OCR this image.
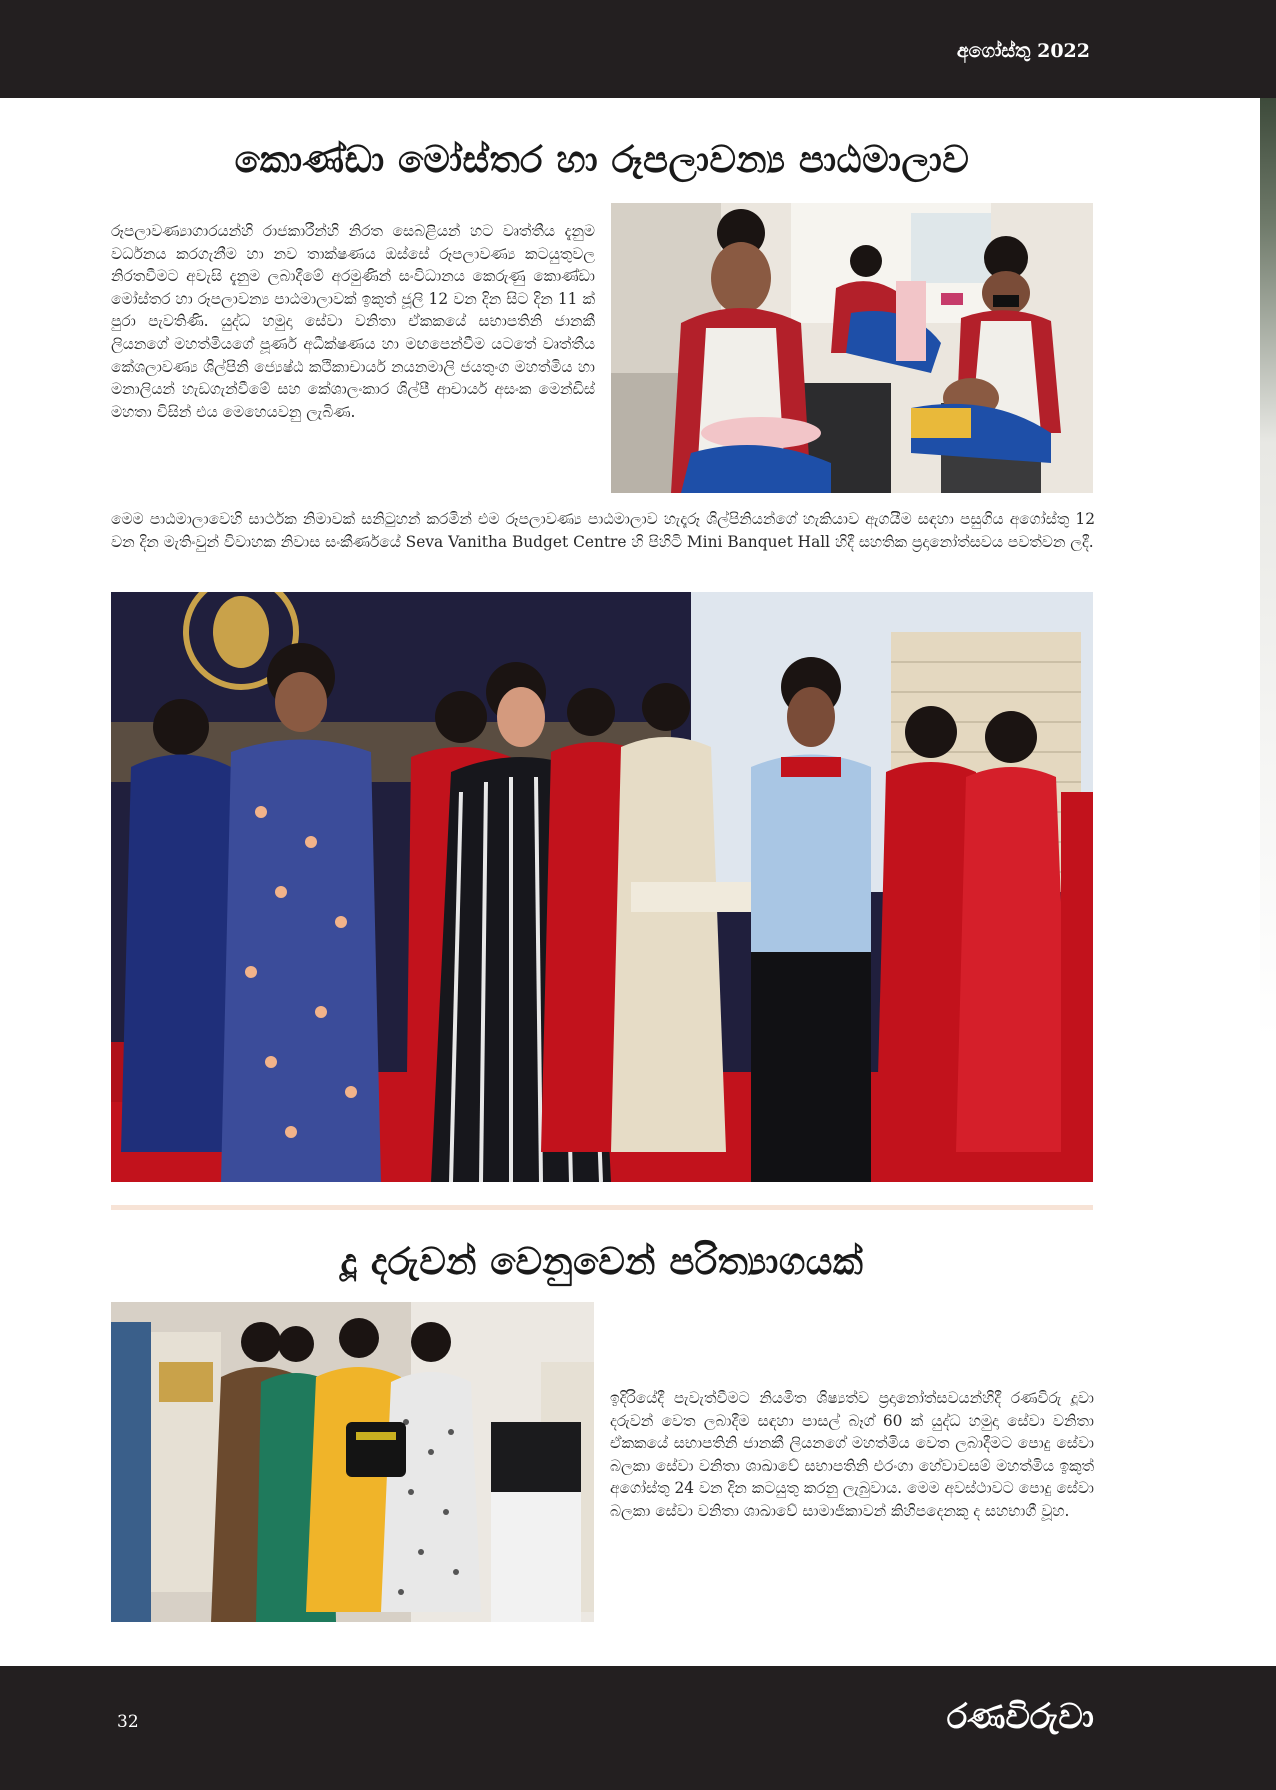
අගෝස්තු 2022
කොණ්ඩා මෝස්තර හා රූපලාවන්‍ය පාඨමාලාව

රූපලාවණ්‍යාගාරයන්හි රාජකාරීන්හි නිරත සෙබළියන් හට වෘත්තීය දැනුම වර්ධනය කරගැනීම හා නව තාක්ෂණය ඔස්සේ රූපලාවණ්‍ය කටයුතුවල නිරතවීමට අවැසි දැනුම ලබාදීමේ අරමුණින් සංවිධානය කෙරුණු කොණ්ඩා මෝස්තර හා රූපලාවන්‍ය පාඨමාලාවක් ඉකුත් ජූලි 12 වන දින සිට දින 11 ක් පුරා පැවතිණි. යුද්ධ හමුදා සේවා වනිතා ඒකකයේ සභාපතිනි ජානකී ලියනගේ මහත්මියගේ පූර්ණ අධීක්ෂණය හා මඟපෙන්වීම යටතේ වෘත්තීය කේශලාවණ්‍ය ශිල්පිනි ජ්‍යෙෂ්ඨ කථිකාචාර්ය නයනමාලි ජයතුංග මහත්මිය හා මනාලියන් හැඩගැන්වීමේ සහ කේශාලංකාර ශිල්පී ආචාර්ය අසංක මෙන්ඩිස් මහතා විසින් එය මෙහෙයවනු ලැබිණ.

මෙම පාඨමාලාවෙහි සාර්ථක නිමාවක් සනිටුහන් කරමින් එම රූපලාවණ්‍ය පාඨමාලාව හැදෑරූ ශිල්පිනියන්ගේ හැකියාව ඇගයීම සඳහා පසුගිය අගෝස්තු 12 වන දින මැතිංවුන් විවාහක නිවාස සංකීර්ණයේ Seva Vanitha Budget Centre හි පිහිටි Mini Banquet Hall හිදී සහතික ප්‍රදානෝත්සවය පවත්වන ලදී.

දූ දරුවන් වෙනුවෙන් පරිත්‍යාගයක්

ඉදිරියේදී පැවැත්වීමට නියමිත ශිෂ්‍යත්ව ප්‍රදානෝත්සවයන්හිදී රණවිරු දූවා දරුවන් වෙත ලබාදීම සඳහා පාසල් බෑග් 60 ක් යුද්ධ හමුදා සේවා වනිතා ඒකකයේ සභාපතිනි ජානකී ලියනගේ මහත්මිය වෙත ලබාදීමට පොදු සේවා බලකා සේවා වනිතා ශාඛාවේ සභාපතිනි එරංගා හේවාවසම් මහත්මිය ඉකුත් අගෝස්තු 24 වන දින කටයුතු කරනු ලැබුවාය. මෙම අවස්ථාවට පොදු සේවා බලකා සේවා වනිතා ශාඛාවේ සාමාජිකාවන් කිහිපදෙනකු ද සහභාගී වූහ.

32	රණවිරුවා
